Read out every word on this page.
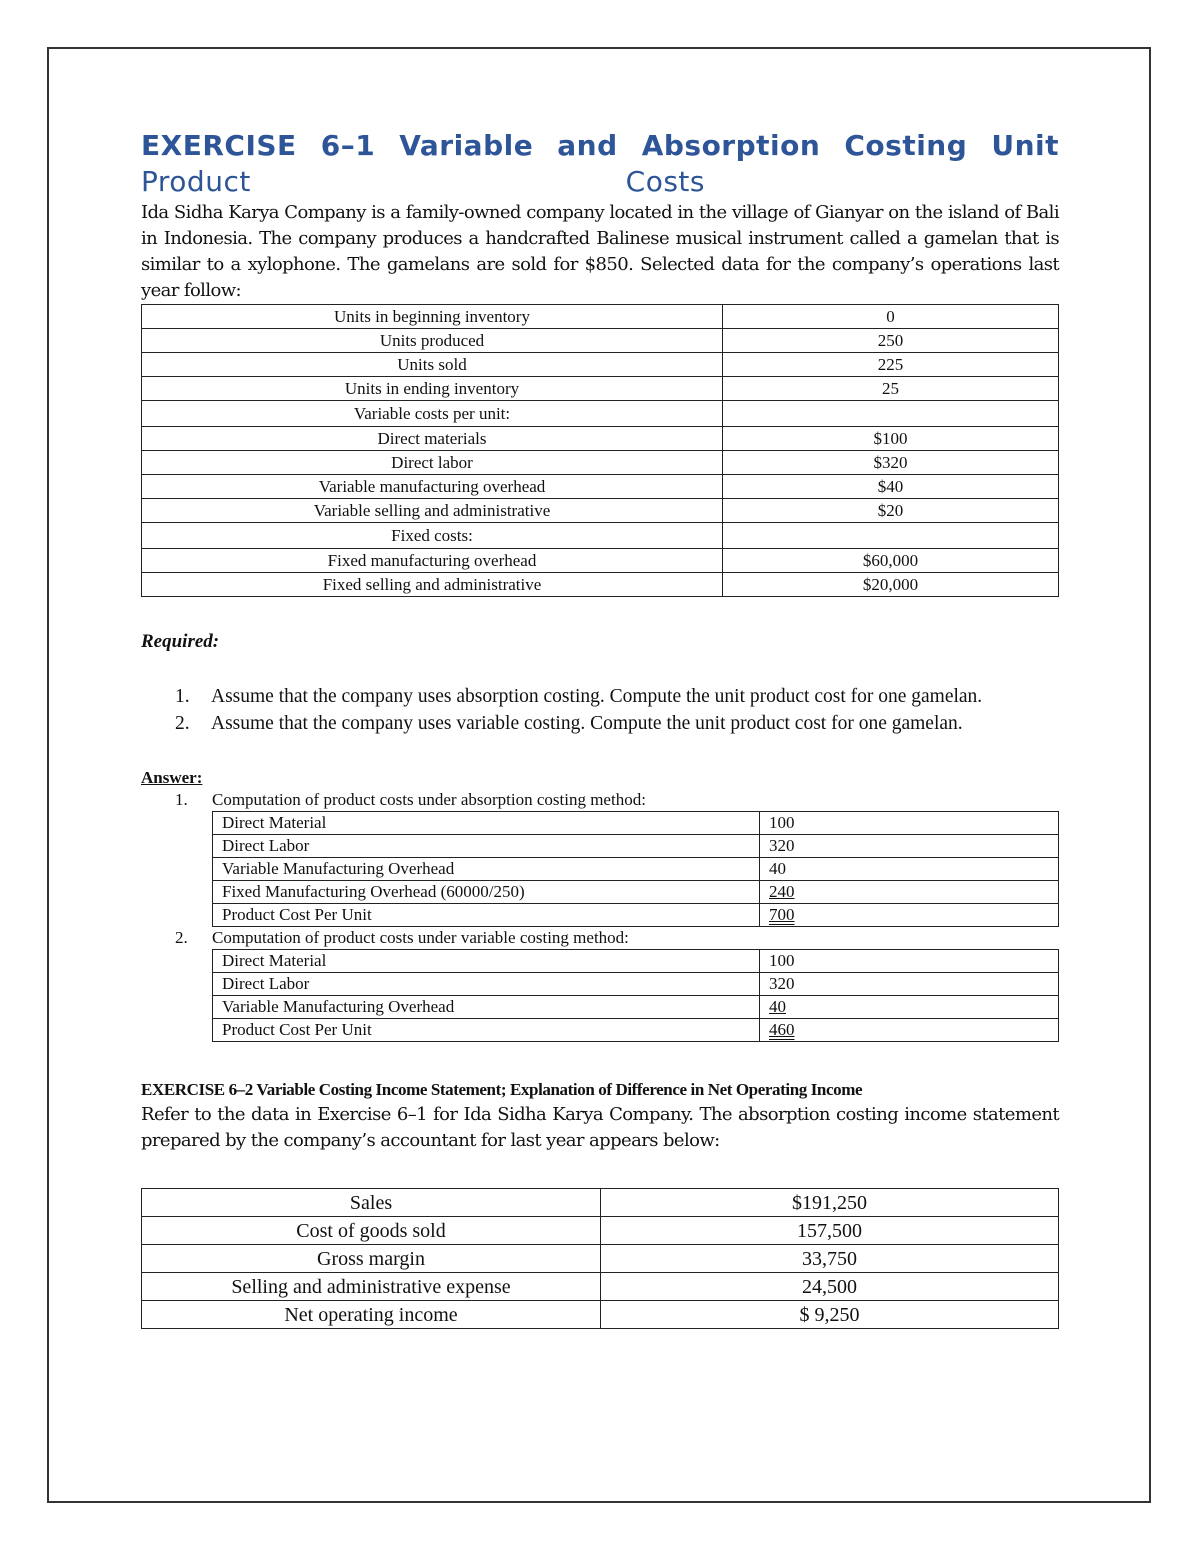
EXERCISE 6–1 Variable and Absorption Costing Unit
Product	Costs

Ida Sidha Karya Company is a family-owned company located in the village of Gianyar on the island of Bali in Indonesia. The company produces a handcrafted Balinese musical instrument called a gamelan that is similar to a xylophone. The gamelans are sold for $850. Selected data for the company’s operations last year follow:

Units in beginning inventory	0
Units produced	250
Units sold	225
Units in ending inventory	25
Variable costs per unit:	
Direct materials	$100
Direct labor	$320
Variable manufacturing overhead	$40
Variable selling and administrative	$20
Fixed costs:	
Fixed manufacturing overhead	$60,000
Fixed selling and administrative	$20,000

Required:

1. Assume that the company uses absorption costing. Compute the unit product cost for one gamelan.
2. Assume that the company uses variable costing. Compute the unit product cost for one gamelan.

Answer:

1. Computation of product costs under absorption costing method:
Direct Material	100
Direct Labor	320
Variable Manufacturing Overhead	40
Fixed Manufacturing Overhead (60000/250)	240
Product Cost Per Unit	700
2. Computation of product costs under variable costing method:
Direct Material	100
Direct Labor	320
Variable Manufacturing Overhead	40
Product Cost Per Unit	460

EXERCISE 6–2 Variable Costing Income Statement; Explanation of Difference in Net Operating Income

Refer to the data in Exercise 6–1 for Ida Sidha Karya Company. The absorption costing income statement prepared by the company’s accountant for last year appears below:

Sales	$191,250
Cost of goods sold	157,500
Gross margin	33,750
Selling and administrative expense	24,500
Net operating income	$ 9,250
